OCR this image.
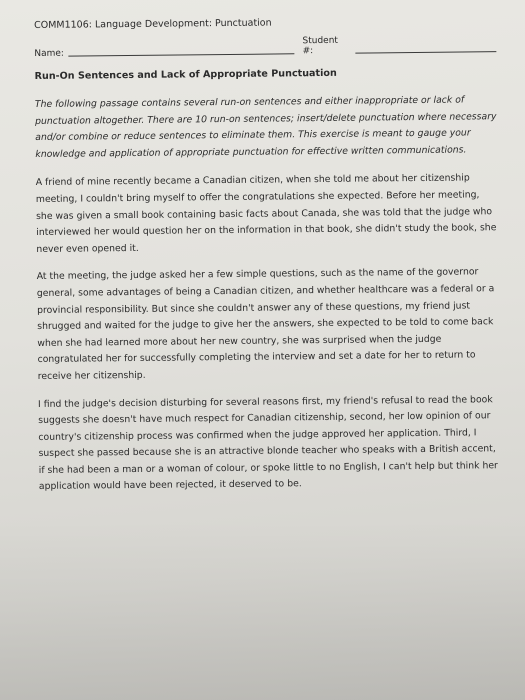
COMM1106: Language Development: Punctuation
Name:
Student #:
Run-On Sentences and Lack of Appropriate Punctuation

The following passage contains several run-on sentences and either inappropriate or lack of punctuation altogether. There are 10 run-on sentences; insert/delete punctuation where necessary and/or combine or reduce sentences to eliminate them. This exercise is meant to gauge your knowledge and application of appropriate punctuation for effective written communications.

A friend of mine recently became a Canadian citizen, when she told me about her citizenship meeting, I couldn't bring myself to offer the congratulations she expected. Before her meeting, she was given a small book containing basic facts about Canada, she was told that the judge who interviewed her would question her on the information in that book, she didn't study the book, she never even opened it.

At the meeting, the judge asked her a few simple questions, such as the name of the governor general, some advantages of being a Canadian citizen, and whether healthcare was a federal or a provincial responsibility. But since she couldn't answer any of these questions, my friend just shrugged and waited for the judge to give her the answers, she expected to be told to come back when she had learned more about her new country, she was surprised when the judge congratulated her for successfully completing the interview and set a date for her to return to receive her citizenship.

I find the judge's decision disturbing for several reasons first, my friend's refusal to read the book suggests she doesn't have much respect for Canadian citizenship, second, her low opinion of our country's citizenship process was confirmed when the judge approved her application. Third, I suspect she passed because she is an attractive blonde teacher who speaks with a British accent, if she had been a man or a woman of colour, or spoke little to no English, I can't help but think her application would have been rejected, it deserved to be.
